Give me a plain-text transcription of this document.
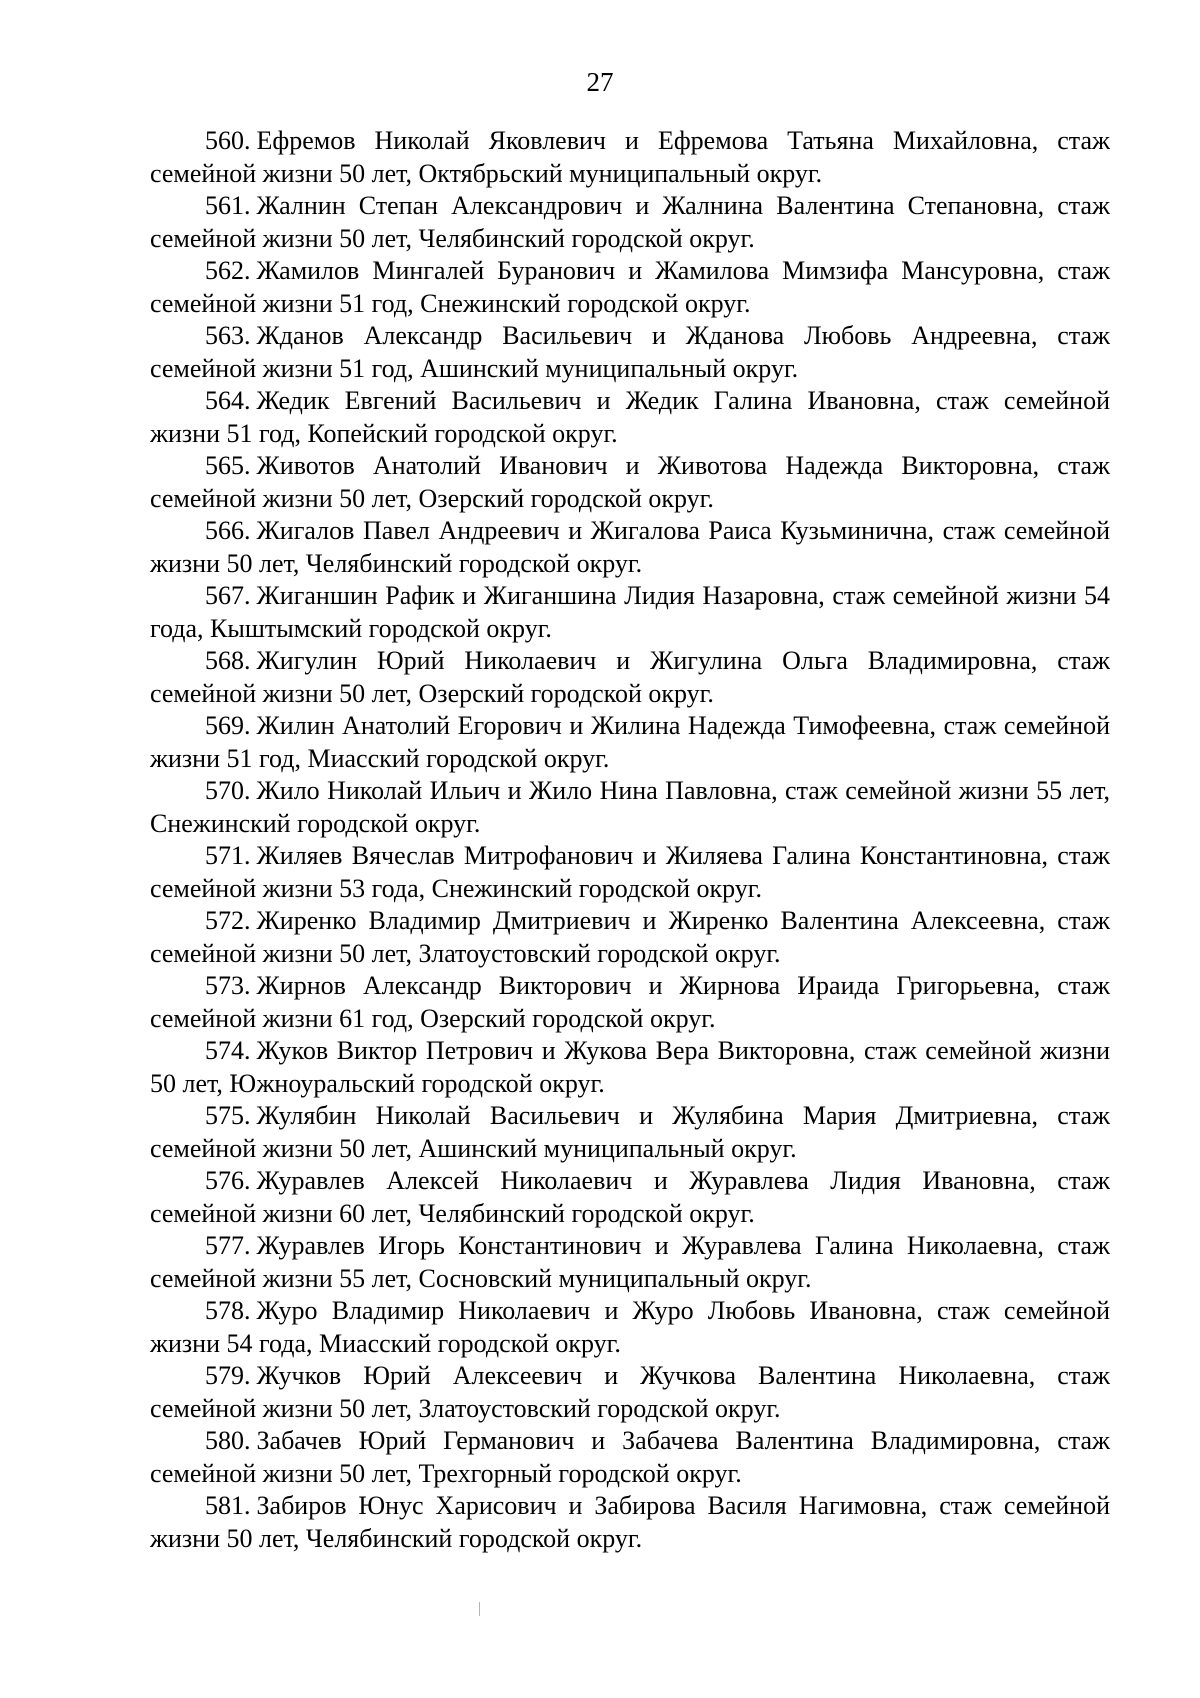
27

560. Ефремов Николай Яковлевич и Ефремова Татьяна Михайловна, стаж семейной жизни 50 лет, Октябрьский муниципальный округ.

561. Жалнин Степан Александрович и Жалнина Валентина Степановна, стаж семейной жизни 50 лет, Челябинский городской округ.

562. Жамилов Мингалей Буранович и Жамилова Мимзифа Мансуровна, стаж семейной жизни 51 год, Снежинский городской округ.

563. Жданов Александр Васильевич и Жданова Любовь Андреевна, стаж семейной жизни 51 год, Ашинский муниципальный округ.

564. Жедик Евгений Васильевич и Жедик Галина Ивановна, стаж семейной жизни 51 год, Копейский городской округ.

565. Животов Анатолий Иванович и Животова Надежда Викторовна, стаж семейной жизни 50 лет, Озерский городской округ.

566. Жигалов Павел Андреевич и Жигалова Раиса Кузьминична, стаж семейной жизни 50 лет, Челябинский городской округ.

567. Жиганшин Рафик и Жиганшина Лидия Назаровна, стаж семейной жизни 54 года, Кыштымский городской округ.

568. Жигулин Юрий Николаевич и Жигулина Ольга Владимировна, стаж семейной жизни 50 лет, Озерский городской округ.

569. Жилин Анатолий Егорович и Жилина Надежда Тимофеевна, стаж семейной жизни 51 год, Миасский городской округ.

570. Жило Николай Ильич и Жило Нина Павловна, стаж семейной жизни 55 лет, Снежинский городской округ.

571. Жиляев Вячеслав Митрофанович и Жиляева Галина Константиновна, стаж семейной жизни 53 года, Снежинский городской округ.

572. Жиренко Владимир Дмитриевич и Жиренко Валентина Алексеевна, стаж семейной жизни 50 лет, Златоустовский городской округ.

573. Жирнов Александр Викторович и Жирнова Ираида Григорьевна, стаж семейной жизни 61 год, Озерский городской округ.

574. Жуков Виктор Петрович и Жукова Вера Викторовна, стаж семейной жизни 50 лет, Южноуральский городской округ.

575. Жулябин Николай Васильевич и Жулябина Мария Дмитриевна, стаж семейной жизни 50 лет, Ашинский муниципальный округ.

576. Журавлев Алексей Николаевич и Журавлева Лидия Ивановна, стаж семейной жизни 60 лет, Челябинский городской округ.

577. Журавлев Игорь Константинович и Журавлева Галина Николаевна, стаж семейной жизни 55 лет, Сосновский муниципальный округ.

578. Журо Владимир Николаевич и Журо Любовь Ивановна, стаж семейной жизни 54 года, Миасский городской округ.

579. Жучков Юрий Алексеевич и Жучкова Валентина Николаевна, стаж семейной жизни 50 лет, Златоустовский городской округ.

580. Забачев Юрий Германович и Забачева Валентина Владимировна, стаж семейной жизни 50 лет, Трехгорный городской округ.

581. Забиров Юнус Харисович и Забирова Василя Нагимовна, стаж семейной жизни 50 лет, Челябинский городской округ.
